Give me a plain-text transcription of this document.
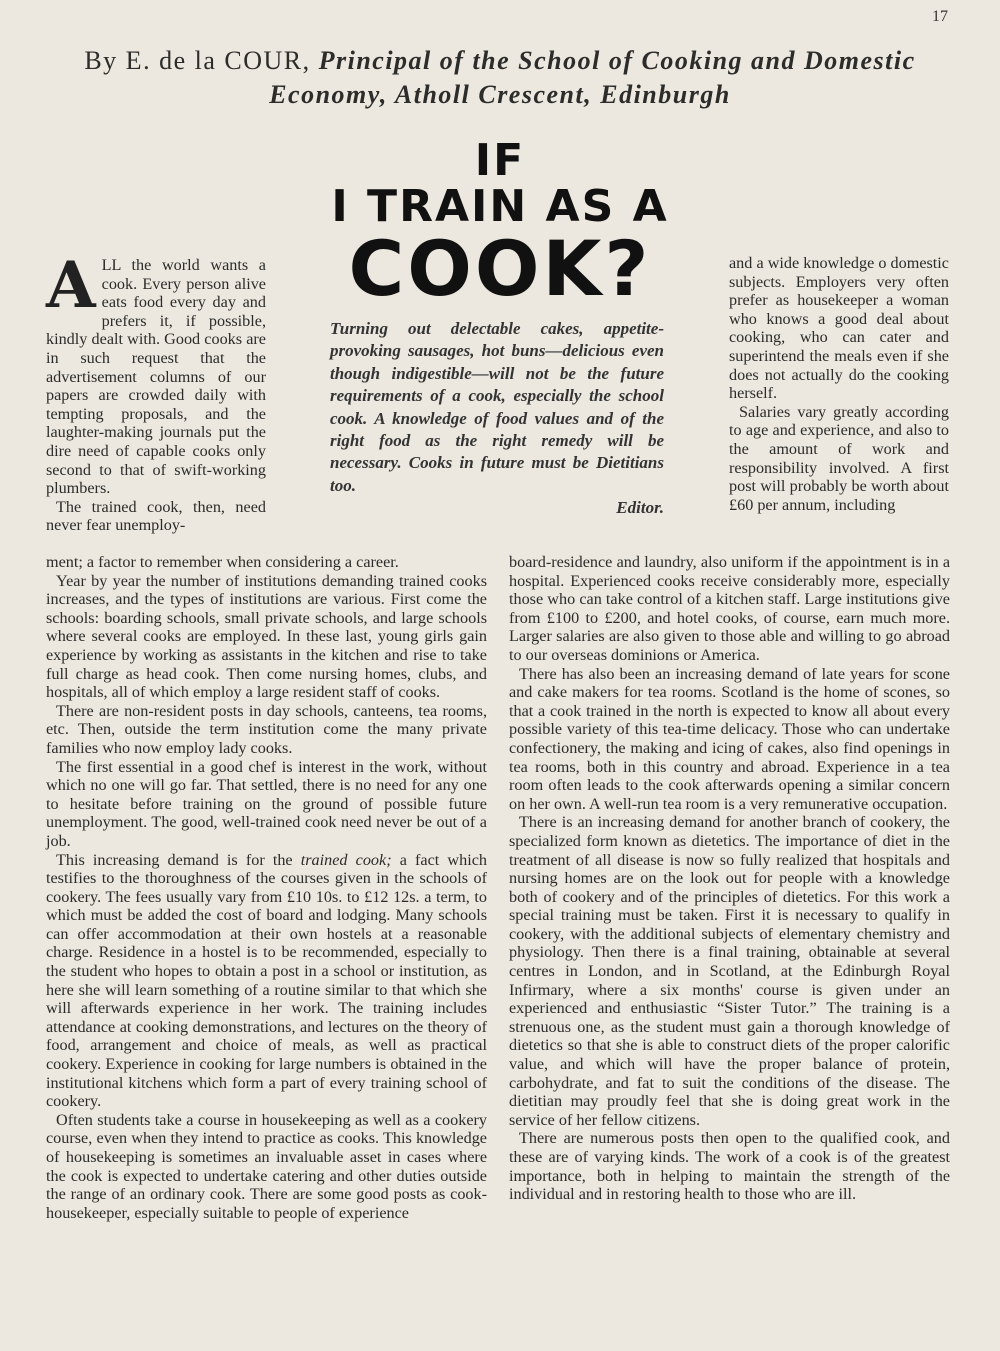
17
By E. de la COUR, Principal of the School of Cooking and Domestic Economy, Atholl Crescent, Edinburgh
IF
I TRAIN AS A
COOK?
Turning out delectable cakes, appetite-provoking sausages, hot buns—delicious even though indigestible—will not be the future requirements of a cook, especially the school cook. A knowledge of food values and of the right food as the right remedy will be necessary. Cooks in future must be Dietitians too.
Editor.

ALL the world wants a cook. Every person alive eats food every day and prefers it, if possible, kindly dealt with. Good cooks are in such request that the advertisement columns of our papers are crowded daily with tempting proposals, and the laughter-making journals put the dire need of capable cooks only second to that of swift-working plumbers.

The trained cook, then, need never fear unemploy-

and a wide knowledge o domestic subjects. Employers very often prefer as housekeeper a woman who knows a good deal about cooking, who can cater and superintend the meals even if she does not actually do the cooking herself.

Salaries vary greatly according to age and experience, and also to the amount of work and responsibility involved. A first post will probably be worth about £60 per annum, including

ment; a factor to remember when considering a career.

Year by year the number of institutions demanding trained cooks increases, and the types of institutions are various. First come the schools: boarding schools, small private schools, and large schools where several cooks are employed. In these last, young girls gain experience by working as assistants in the kitchen and rise to take full charge as head cook. Then come nursing homes, clubs, and hospitals, all of which employ a large resident staff of cooks.

There are non-resident posts in day schools, canteens, tea rooms, etc. Then, outside the term institution come the many private families who now employ lady cooks.

The first essential in a good chef is interest in the work, without which no one will go far. That settled, there is no need for any one to hesitate before training on the ground of possible future unemployment. The good, well-trained cook need never be out of a job.

This increasing demand is for the trained cook; a fact which testifies to the thoroughness of the courses given in the schools of cookery. The fees usually vary from £10 10s. to £12 12s. a term, to which must be added the cost of board and lodging. Many schools can offer accommodation at their own hostels at a reasonable charge. Residence in a hostel is to be recommended, especially to the student who hopes to obtain a post in a school or institution, as here she will learn something of a routine similar to that which she will afterwards experience in her work. The training includes attendance at cooking demonstrations, and lectures on the theory of food, arrangement and choice of meals, as well as practical cookery. Experience in cooking for large numbers is obtained in the institutional kitchens which form a part of every training school of cookery.

Often students take a course in housekeeping as well as a cookery course, even when they intend to practice as cooks. This knowledge of housekeeping is sometimes an invaluable asset in cases where the cook is expected to undertake catering and other duties outside the range of an ordinary cook. There are some good posts as cook-housekeeper, especially suitable to people of experience

board-residence and laundry, also uniform if the appointment is in a hospital. Experienced cooks receive considerably more, especially those who can take control of a kitchen staff. Large institutions give from £100 to £200, and hotel cooks, of course, earn much more. Larger salaries are also given to those able and willing to go abroad to our overseas dominions or America.

There has also been an increasing demand of late years for scone and cake makers for tea rooms. Scotland is the home of scones, so that a cook trained in the north is expected to know all about every possible variety of this tea-time delicacy. Those who can undertake confectionery, the making and icing of cakes, also find openings in tea rooms, both in this country and abroad. Experience in a tea room often leads to the cook afterwards opening a similar concern on her own. A well-run tea room is a very remunerative occupation.

There is an increasing demand for another branch of cookery, the specialized form known as dietetics. The importance of diet in the treatment of all disease is now so fully realized that hospitals and nursing homes are on the look out for people with a knowledge both of cookery and of the principles of dietetics. For this work a special training must be taken. First it is necessary to qualify in cookery, with the additional subjects of elementary chemistry and physiology. Then there is a final training, obtainable at several centres in London, and in Scotland, at the Edinburgh Royal Infirmary, where a six months' course is given under an experienced and enthusiastic “Sister Tutor.” The training is a strenuous one, as the student must gain a thorough knowledge of dietetics so that she is able to construct diets of the proper calorific value, and which will have the proper balance of protein, carbohydrate, and fat to suit the conditions of the disease. The dietitian may proudly feel that she is doing great work in the service of her fellow citizens.

There are numerous posts then open to the qualified cook, and these are of varying kinds. The work of a cook is of the greatest importance, both in helping to maintain the strength of the individual and in restoring health to those who are ill.
